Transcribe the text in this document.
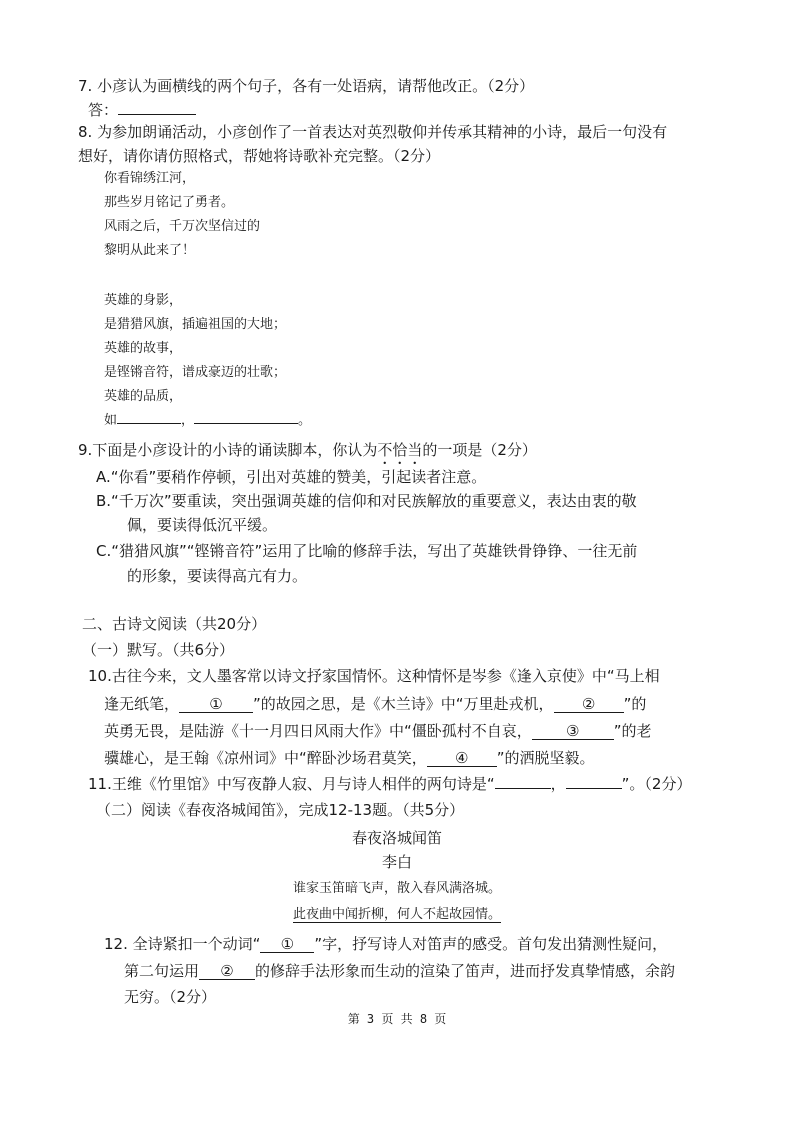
7. 小彦认为画横线的两个句子，各有一处语病，请帮他改正。（2分）
答：
8. 为参加朗诵活动，小彦创作了一首表达对英烈敬仰并传承其精神的小诗，最后一句没有
想好，请你请仿照格式，帮她将诗歌补充完整。（2分）
你看锦绣江河，
那些岁月铭记了勇者。
风雨之后，千万次坚信过的
黎明从此来了！
英雄的身影，
是猎猎风旗，插遍祖国的大地；
英雄的故事，
是铿锵音符，谱成豪迈的壮歌；
英雄的品质，
如	，	。
9.下面是小彦设计的小诗的诵读脚本，你认为不恰当的一项是（2分）
A.“你看”要稍作停顿，引出对英雄的赞美，引起读者注意。
B.“千万次”要重读，突出强调英雄的信仰和对民族解放的重要意义，表达由衷的敬
佩，要读得低沉平缓。
C.“猎猎风旗”“铿锵音符”运用了比喻的修辞手法，写出了英雄铁骨铮铮、一往无前
的形象，要读得高亢有力。
二、古诗文阅读（共20分）
（一）默写。（共6分）
10.古往今来，文人墨客常以诗文抒家国情怀。这种情怀是岑参《逢入京使》中“马上相
逢无纸笔， ① ”的故园之思，是《木兰诗》中“万里赴戎机， ② ”的
英勇无畏，是陆游《十一月四日风雨大作》中“僵卧孤村不自哀， ③ ”的老
骥雄心，是王翰《凉州词》中“醉卧沙场君莫笑， ④ ”的洒脱坚毅。
11.王维《竹里馆》中写夜静人寂、月与诗人相伴的两句诗是“	，	”。（2分）
（二）阅读《春夜洛城闻笛》，完成12-13题。（共5分）
春夜洛城闻笛
李白
谁家玉笛暗飞声，散入春风满洛城。
此夜曲中闻折柳，何人不起故园情。
12. 全诗紧扣一个动词“ ① ”字，抒写诗人对笛声的感受。首句发出猜测性疑问，
第二句运用 ② 的修辞手法形象而生动的渲染了笛声，进而抒发真挚情感，余韵
无穷。（2分）
第 3 页 共 8 页
